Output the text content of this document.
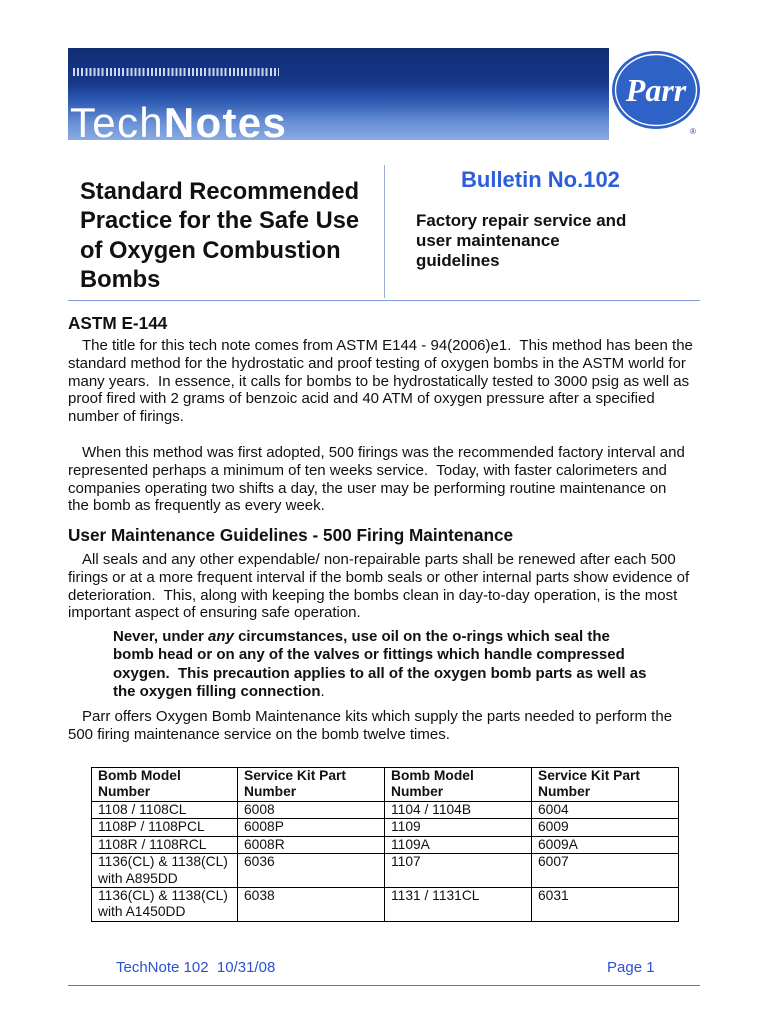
TechNotes
Parr
®
Standard Recommended
Practice for the Safe Use
of Oxygen Combustion
Bombs
Bulletin No.102
Factory repair service and
user maintenance
guidelines
ASTM E-144
The title for this tech note comes from ASTM E144 - 94(2006)e1.  This method has been the
standard method for the hydrostatic and proof testing of oxygen bombs in the ASTM world for
many years.  In essence, it calls for bombs to be hydrostatically tested to 3000 psig as well as
proof fired with 2 grams of benzoic acid and 40 ATM of oxygen pressure after a specified
number of firings.
When this method was first adopted, 500 firings was the recommended factory interval and
represented perhaps a minimum of ten weeks service.  Today, with faster calorimeters and
companies operating two shifts a day, the user may be performing routine maintenance on
the bomb as frequently as every week.
User Maintenance Guidelines - 500 Firing Maintenance
All seals and any other expendable/ non-repairable parts shall be renewed after each 500
firings or at a more frequent interval if the bomb seals or other internal parts show evidence of
deterioration.  This, along with keeping the bombs clean in day-to-day operation, is the most
important aspect of ensuring safe operation.
Never, under any circumstances, use oil on the o-rings which seal the
bomb head or on any of the valves or fittings which handle compressed
oxygen.  This precaution applies to all of the oxygen bomb parts as well as
the oxygen filling connection.
Parr offers Oxygen Bomb Maintenance kits which supply the parts needed to perform the
500 firing maintenance service on the bomb twelve times.
Bomb Model
Number	Service Kit Part
Number	Bomb Model
Number	Service Kit Part
Number

1108 / 1108CL	6008	1104 / 1104B	6004

1108P / 1108PCL	6008P	1109	6009

1108R / 1108RCL	6008R	1109A	6009A

1136(CL) & 1138(CL)
with A895DD	6036	1107	6007

1136(CL) & 1138(CL)
with A1450DD	6038	1131 / 1131CL	6031
TechNote 102  10/31/08	Page 1
